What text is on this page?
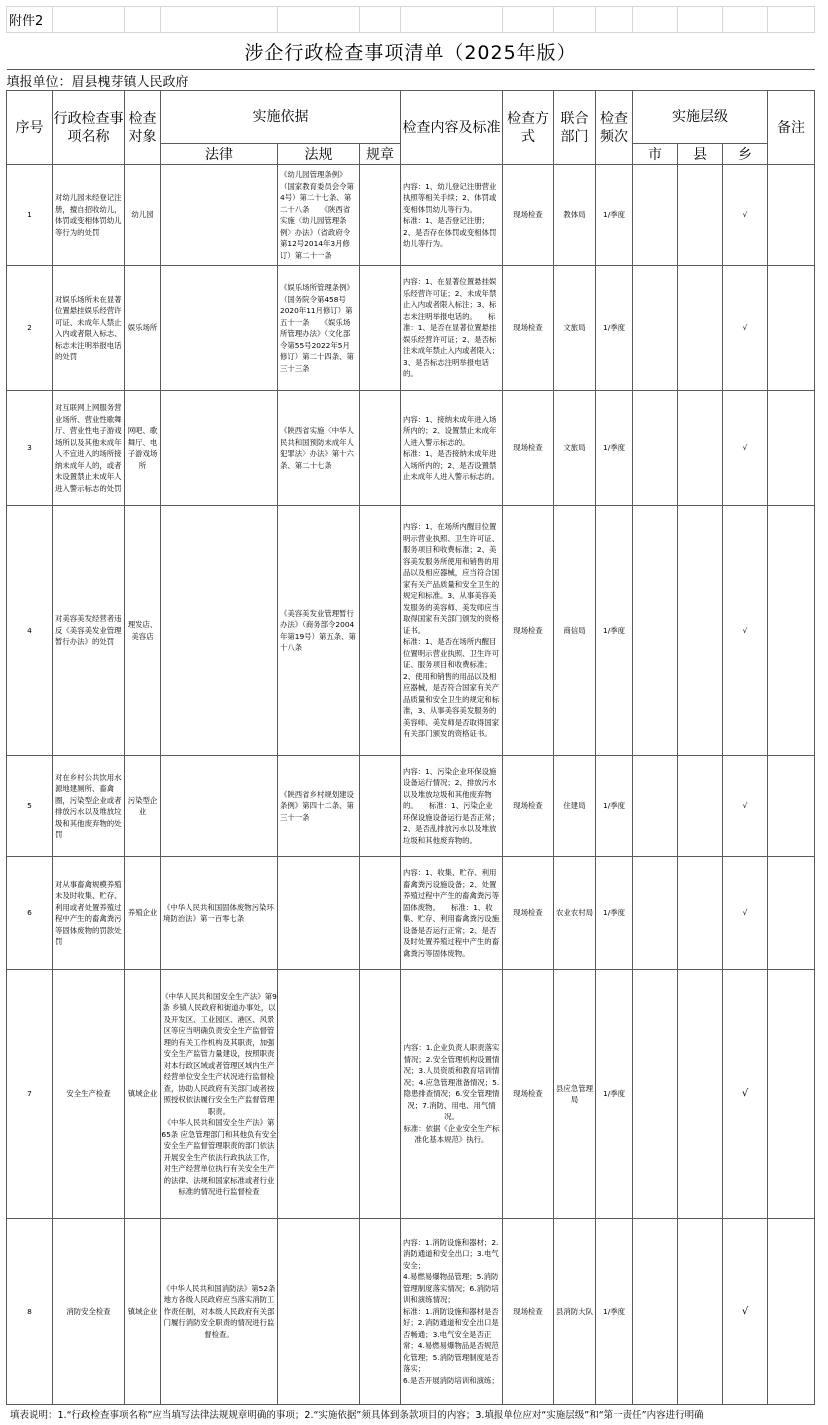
附件2													
涉企行政检查事项清单（2025年版）													
填报单位：眉县槐芽镇人民政府													
序号	行政检查事项名称	检查对象	实施依据			检查内容及标准	检查方式	联合部门	检查频次	实施层级			备注
			法律	法规	规章					市	县	乡	
1	对幼儿园未经登记注册，擅自招收幼儿，体罚或变相体罚幼儿等行为的处罚	幼儿园		《幼儿园管理条例》（国家教育委员会令第4号）第二十七条、第二十八条　　《陕西省实施〈幼儿园管理条例〉办法》（省政府令第12号2014年3月修订）第二十一条		内容：1、幼儿登记注册营业执照等相关手续；2、体罚或变相体罚幼儿等行为。
标准：1、是否登记注册；2、是否存在体罚或变相体罚幼儿等行为。	现场检查	教体局	1/季度			√	
2	对娱乐场所未在显著位置悬挂娱乐经营许可证、未成年人禁止入内或者限入标志、标志未注明举报电话的处罚	娱乐场所		《娱乐场所管理条例》（国务院令第458号2020年11月修订）第五十一条　　《娱乐场所管理办法》（文化部令第55号2022年5月修订）第二十四条、第三十三条		内容：1、在显著位置悬挂娱乐经营许可证；2、未成年禁止入内或者限入标注；3、标志未注明举报电话的。　　标准：1、是否在显著位置悬挂娱乐经营许可证；2、是否标注未成年禁止入内或者限入；3、是否标志注明举报电话的。	现场检查	文旅局	1/季度			√	
3	对互联网上网服务营业场所、营业性歌舞厅、营业性电子游戏场所以及其他未成年人不宜进入的场所接纳未成年人的，或者未设置禁止未成年人进入警示标志的处罚	网吧、歌舞厅、电子游戏场所		《陕西省实施〈中华人民共和国预防未成年人犯罪法〉办法》第十六条、第二十七条		内容：1、接纳未成年进入场所内的；2、设置禁止未成年人进入警示标志的。
标准：1、是否接纳未成年进入场所内的；2、是否设置禁止未成年人进入警示标志的。	现场检查	文旅局	1/季度			√	
4	对美容美发经营者违反《美容美发业管理暂行办法》的处罚	理发店、美容店		《美容美发业管理暂行办法》（商务部令2004年第19号）第五条、第十八条		内容：1、在场所内醒目位置明示营业执照、卫生许可证、服务项目和收费标准；2、美容美发服务所使用和销售的用品以及相应器械，应当符合国家有关产品质量和安全卫生的规定和标准。3、从事美容美发服务的美容师、美发师应当取得国家有关部门颁发的资格证书。
标准：1、是否在场所内醒目位置明示营业执照、卫生许可证、服务项目和收费标准；2、使用和销售的用品以及相应器械，是否符合国家有关产品质量和安全卫生的规定和标准，3、从事美容美发服务的美容师、美发师是否取得国家有关部门颁发的资格证书。	现场检查	商信局	1/季度			√	
5	对在乡村公共饮用水源地建厕所、畜禽圈，污染型企业或者排放污水以及堆放垃圾和其他废弃物的处罚	污染型企业		《陕西省乡村规划建设条例》第四十二条、第三十一条		内容：1、污染企业环保设施设备运行情况；2、排放污水以及堆放垃圾和其他废弃物的。　　标准：1、污染企业环保设施设备运行是否正常；2、是否乱排放污水以及堆放垃圾和其他废弃物的。	现场检查	住建局	1/季度			√	
6	对从事畜禽规模养殖未及时收集、贮存、利用或者处置养殖过程中产生的畜禽粪污等固体废物的罚款处罚	养殖企业	《中华人民共和国固体废物污染环境防治法》第一百零七条			内容：1、收集、贮存、利用畜禽粪污设施设备；2、处置养殖过程中产生的畜禽粪污等固体废物。　　标准：1、收集、贮存、利用畜禽粪污设施设备是否运行正常；2、是否及时处置养殖过程中产生的畜禽粪污等固体废物。	现场检查	农业农村局	1/季度			√	
7	安全生产检查	镇域企业	《中华人民共和国安全生产法》第9条 乡镇人民政府和街道办事处，以及开发区、工业园区、港区、风景区等应当明确负责安全生产监督管理的有关工作机构及其职责，加强安全生产监管力量建设，按照职责对本行政区域或者管理区域内生产经营单位安全生产状况进行监督检查，协助人民政府有关部门或者按照授权依法履行安全生产监督管理职责。
《中华人民共和国安全生产法》第65条 应急管理部门和其他负有安全安全生产监督管理职责的部门依法开展安全生产依法行政执法工作，对生产经营单位执行有关安全生产的法律、法规和国家标准或者行业标准的情况进行监督检查			内容：1.企业负责人职责落实情况；2.安全管理机构设置情况；3.人员资质和教育培训情况；4.应急管理准备情况；5.隐患排查情况；6.安全管理情况；7.消防、用电、用气情况。
标准：依据《企业安全生产标准化基本规范》执行。	现场检查	县应急管理局	1/季度			√	
8	消防安全检查	镇域企业	《中华人民共和国消防法》第52条地方各级人民政府应当落实消防工作责任制，对本级人民政府有关部门履行消防安全职责的情况进行监督检查。			内容：1.消防设施和器材；2.消防通道和安全出口；3.电气安全；
4.易燃易爆物品管理；5.消防管理制度落实情况；6.消防培训和演练情况；
标准：1.消防设施和器材是否好；2.消防通道和安全出口是否畅通；3.电气安全是否正常；4.易燃易爆物品是否规范化管理；5.消防管理制度是否落实；
6.是否开展消防培训和演练；	现场检查	县消防大队	1/季度			√	
填表说明：1.“行政检查事项名称”应当填写法律法规规章明确的事项；2.“实施依据”须具体到条款项目的内容；3.填报单位应对“实施层级”和“第一责任”内容进行明确
